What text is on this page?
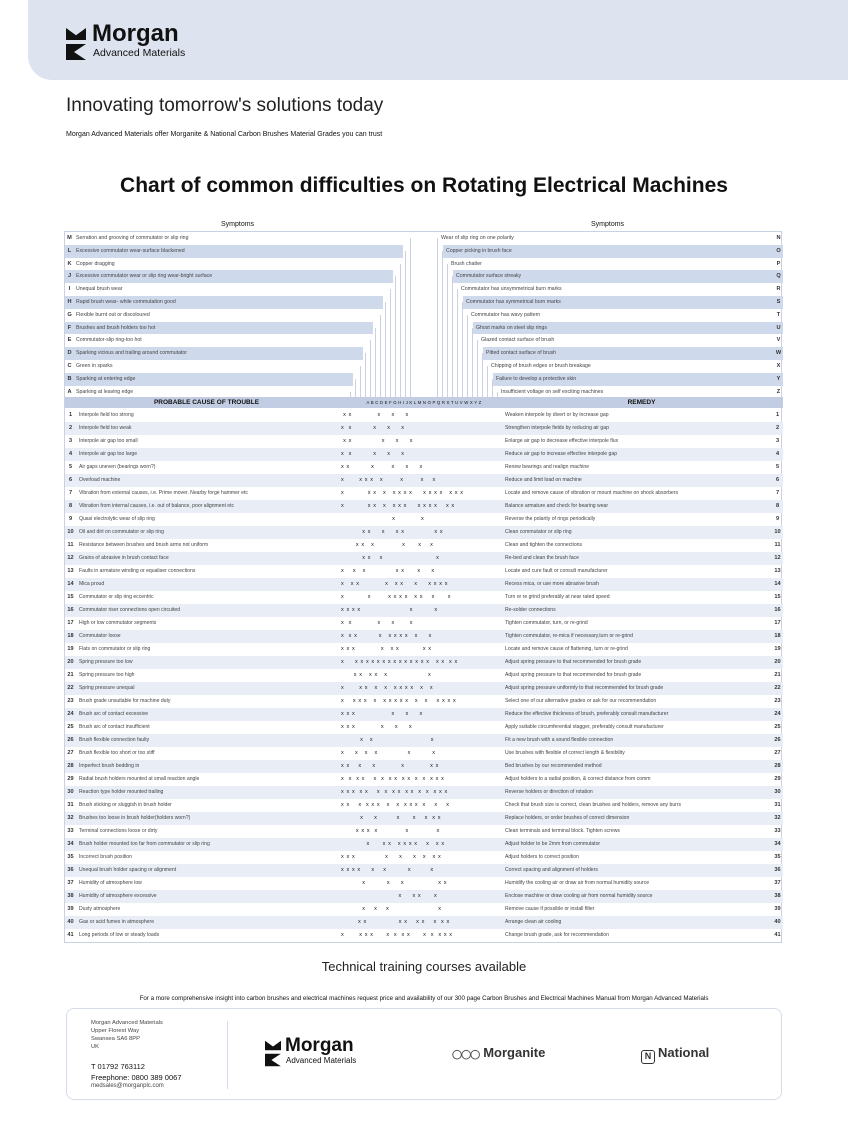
Morgan
Advanced Materials
Innovating tomorrow's solutions today
Morgan Advanced Materials offer Morganite & National Carbon Brushes Material Grades you can trust
Chart of common difficulties on Rotating Electrical Machines
Symptoms	Symptoms
M Serration and grooving of commutator or slip ring
L Excessive commutator wear-surface blackened
K Copper dragging
J Excessive commutator wear or slip ring wear-bright surface
I Unequal brush wear
H Rapid brush wear- while commutation good
G Flexible burnt out or discoloured
F Brushes and brush holders too hot
E Commutator-slip ring-too hot
D Sparking vicious and trailing around commutator
C Green in sparks
B Sparking at entering edge
A Sparking at leaving edge
Wear of slip ring on one polarity	N
Copper picking in brush face	O
Brush chatter	P
Commutator surface streaky	Q
Commutator has unsymmetrical burn marks	R
Commutator has symmetrical burn marks	S
Commutator has wavy pattern	T
Ghost marks on steel slip rings	U
Glazed contact surface of brush	V
Pitted contact surface of brush	W
Chipping of brush edges or brush breakage	X
Failure to develop a protective skin	Y
Insufficient voltage on self exciting machines	Z
PROBABLE CAUSE OF TROUBLE	REMEDY
A B C D E F G H I J K L M N O P Q R S T U V W X Y Z
1	Interpole field too strong	x x            x     x     x	Weaken interpole by divert or by increase gap	1
2	Interpole field too weak	x  x          x     x     x	Strengthen interpole fields by reducing air gap	2
3	Interpole air gap too small	x x              x     x     x	Enlarge air gap to decrease effective interpole flux	3
4	Interpole air gap too large	x  x          x     x     x	Reduce air gap to increase effective interpole gap	4
5	Air gaps uneven (bearings worn?)	x x          x        x     x     x	Renew bearings and realign machine	5
6	Overload machine	x       x x x   x        x        x    x	Reduce and limit load on machine	6
7	Vibration from external causes, i.e. Prime mover. Nearby forge hammer etc	x           x x   x   x x x x     x x x x   x x x	Locate and remove cause of vibration or mount machine on shock absorbers	7
8	Vibration from internal causes, i.e. out of balance, poor alignment etc	x           x x   x   x x x     x x x x    x x	Balance armature and check for bearing wear	8
9	Quasi electrolytic wear of slip ring	x            x	Reverse the polarity of rings periodically	9
10	Oil and dirt on commutator or slip ring	x x     x     x x              x x	Clean commutator or slip ring	10
11	Resistance between brushes and brush arms not uniform	x x   x             x      x    x	Clean and tighten the connections	11
12	Grains of abrasive in brush contact face	x x    x                         x	Re-bed and clean the brush face	12
13	Faults in armature winding or equaliser connections	x    x   x              x x      x     x	Locate and cure fault or consult manufacturer	13
14	Mica proud	x   x x            x   x x     x     x x x x	Recess mica, or use more abrasive brush	14
15	Commutator or slip ring eccentric	x           x        x x x x   x x    x      x	Turn or re grind preferably at near rated speed	15
16	Commutator riser connections open circuited	x x x x                       x          x	Re-solder connections	16
17	High or low commutator segments	x  x            x     x       x	Tighten commutator, turn, or re-grind	17
18	Commutator loose	x  x x          x   x x x x   x     x	Tighten commutator, re-mica if necessary,turn or re-grind	18
19	Flats on commutator or slip ring	x x x            x   x x           x x	Locate and remove cause of flattening, turn or re-grind	19
20	Spring pressure too low	x     x x x x x x x x x x x x x x   x x  x x	Adjust spring pressure to that recommended for brush grade	20
21	Spring pressure too high	x x   x x   x                   x	Adjust spring pressure to that recommended for brush grade	21
22	Spring pressure unequal	x       x x   x   x   x x x x   x   x	Adjust spring pressure uniformly to that recommended for brush grade	22
23	Brush grade unsuitable for machine duty	x    x x x   x   x x x x x   x   x    x x x x	Select one of our alternative grades or ask for our recommendation	23
24	Brush arc of contact excessive	x x x                 x     x     x	Reduce the effective thickness of brush, preferably consult manufacturer	24
25	Brush arc of contact insufficient	x x x            x     x     x	Apply suitable circumferential stagger, preferably consult manufacturer	25
26	Brush flexible connection faulty	x   x                           x	Fit a new brush with a sound flexible connection	26
27	Brush flexible too short or too stiff	x     x   x   x              x          x	Use brushes with flexible of correct length & flexibility	27
28	Imperfect brush bedding in	x x    x     x            x            x x	Bed brushes by our recommended method	28
29	Radial brush holders mounted at small reaction angle	x  x  x x    x  x  x x  x x  x  x  x x x	Adjust holders to a radial position, & correct distance from comm	29
30	Reaction type holder mounted trailing	x x x  x x    x  x  x x  x x  x  x  x x x	Reverse holders or direction of rotation	30
31	Brush sticking or sluggish in brush holder	x x    x  x x x   x   x  x x x  x    x    x	Check that brush size is correct, clean brushes and holders, remove any burrs	31
32	Brushes too loose in brush holder(holders worn?)	x     x         x      x    x  x x	Replace holders, or order brushes of correct dimension	32
33	Terminal connections loose or dirty	x x x  x             x             x	Clean terminals and terminal block. Tighten screws	33
34	Brush holder mounted too far from commutator or slip ring	x      x x   x x x x    x   x x	Adjust holder to be 2mm from commutator	34
35	Incorrect brush position	x x x              x     x     x   x   x x	Adjust holders to correct position	35
36	Unequal brush holder spacing or alignment	x x x x     x    x          x         x	Correct spacing and alignment of holders	36
37	Humidity of atmosphere low	x          x     x                x x	Humidify the cooling air or draw air from normal humidity source	37
38	Humidity of atmosphere excessive	x     x x      x	Enclose machine or draw cooling air from normal humidity source	38
39	Dusty atmosphere	x    x    x                       x	Remove cause if possible or install filter	39
40	Gas or acid fumes in atmosphere	x x               x x    x x    x  x x	Arrange clean air cooling	40
41	Long periods of low or steady loads	x       x x x      x  x  x x      x  x  x x x	Change brush grade, ask for recommendation	41
Technical training courses available
For a more comprehensive insight into carbon brushes and electrical machines request price and availability of our 300 page Carbon Brushes and Electrical Machines Manual from Morgan Advanced Materials
Morgan Advanced Materials
Upper Florest Way
Swansea SA6 8PP
UK
T 01792 763112
Freephone: 0800 389 0067
medsales@morganplc.com
Morgan
Advanced Materials
◯◯◯ Morganite	N National
